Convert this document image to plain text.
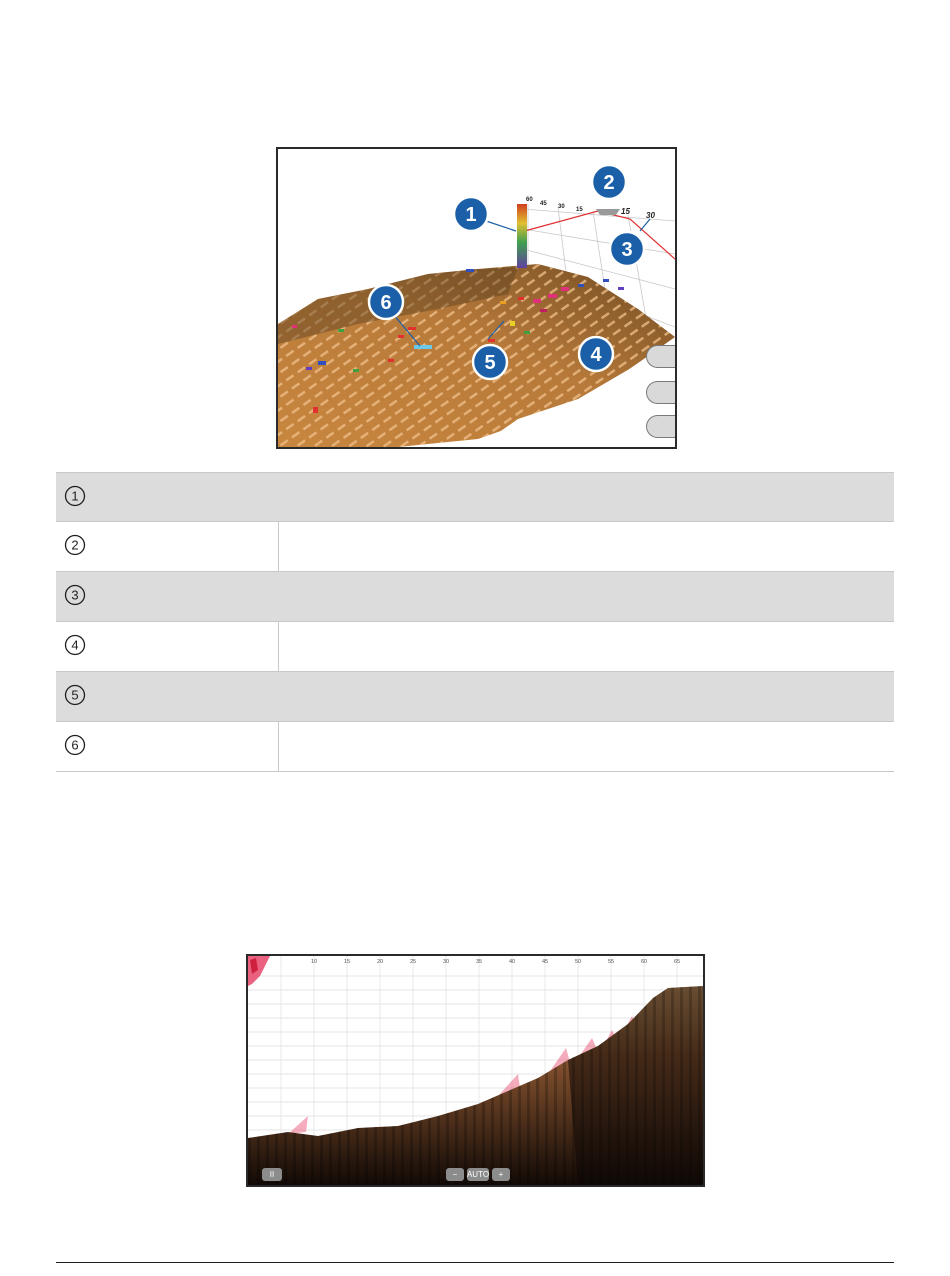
60
45 30 15	15 30
1
2
3
4
5
6
1
2
3
4
5
6
10	15	20	25	30	35	40	45	50	55	60	65
II	−	AUTO	+
